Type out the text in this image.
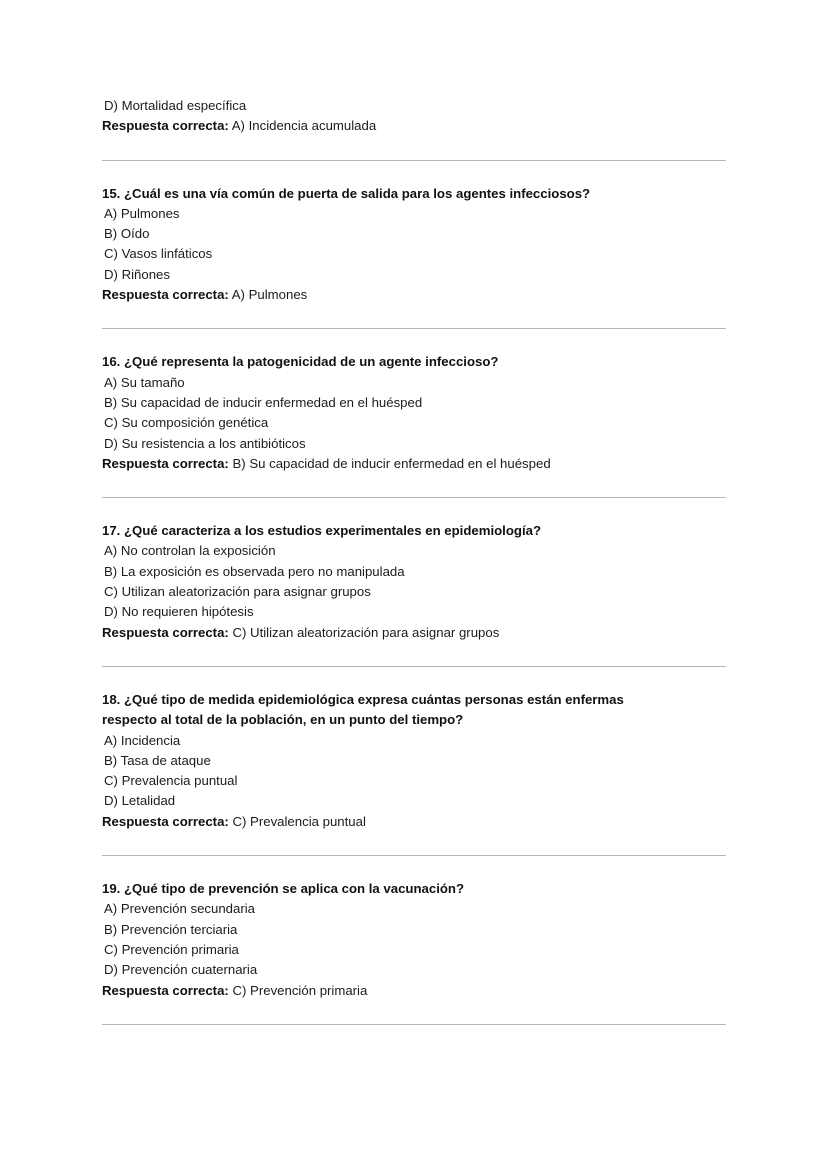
D) Mortalidad específica
Respuesta correcta: A) Incidencia acumulada
15. ¿Cuál es una vía común de puerta de salida para los agentes infecciosos?
A) Pulmones
B) Oído
C) Vasos linfáticos
D) Riñones
Respuesta correcta: A) Pulmones
16. ¿Qué representa la patogenicidad de un agente infeccioso?
A) Su tamaño
B) Su capacidad de inducir enfermedad en el huésped
C) Su composición genética
D) Su resistencia a los antibióticos
Respuesta correcta: B) Su capacidad de inducir enfermedad en el huésped
17. ¿Qué caracteriza a los estudios experimentales en epidemiología?
A) No controlan la exposición
B) La exposición es observada pero no manipulada
C) Utilizan aleatorización para asignar grupos
D) No requieren hipótesis
Respuesta correcta: C) Utilizan aleatorización para asignar grupos
18. ¿Qué tipo de medida epidemiológica expresa cuántas personas están enfermas
respecto al total de la población, en un punto del tiempo?
A) Incidencia
B) Tasa de ataque
C) Prevalencia puntual
D) Letalidad
Respuesta correcta: C) Prevalencia puntual
19. ¿Qué tipo de prevención se aplica con la vacunación?
A) Prevención secundaria
B) Prevención terciaria
C) Prevención primaria
D) Prevención cuaternaria
Respuesta correcta: C) Prevención primaria
